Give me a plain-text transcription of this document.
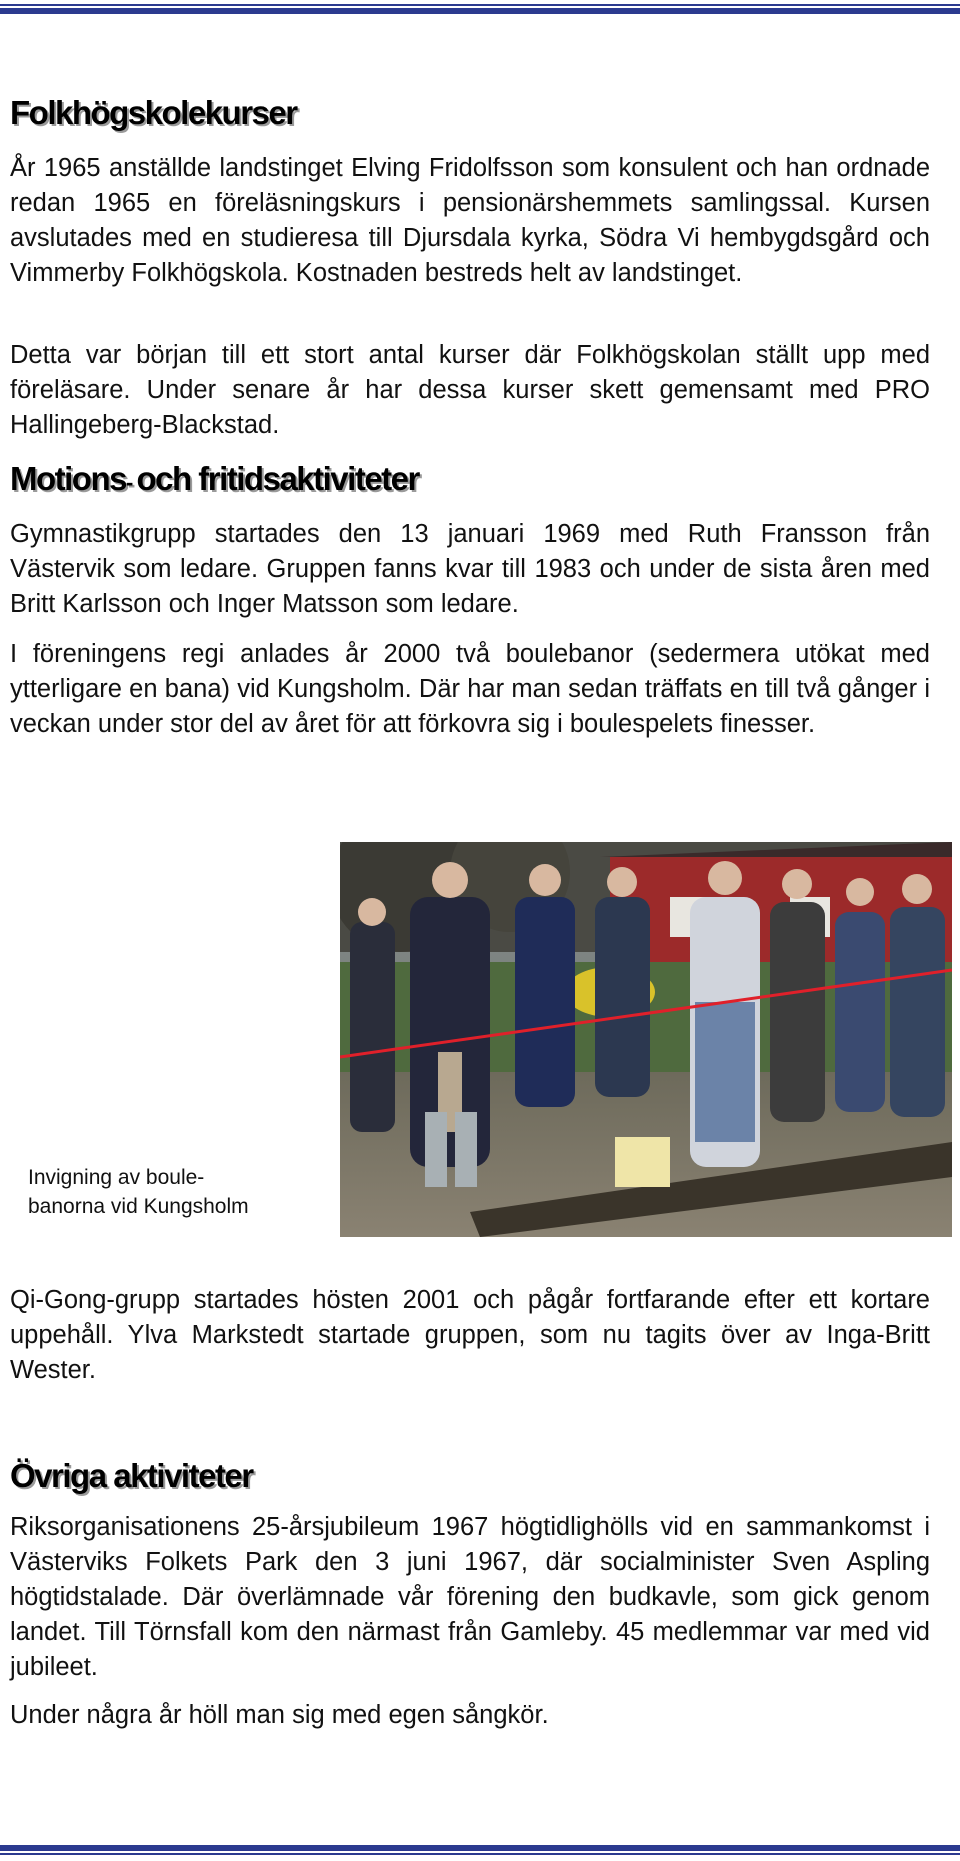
Folkhögskolekurser

År 1965 anställde landstinget Elving Fridolfsson som konsulent och han ordnade redan 1965 en föreläsningskurs i pensionärshemmets samlingssal. Kursen avslutades med en studieresa till Djursdala kyrka, Södra Vi hembygdsgård och Vimmerby Folkhögskola. Kostnaden bestreds helt av landstinget.

Detta var början till ett stort antal kurser där Folkhögskolan ställt upp med föreläsare. Under senare år har dessa kurser skett gemensamt med PRO Hallingeberg-Blackstad.

Motions- och fritidsaktiviteter

Gymnastikgrupp startades den 13 januari 1969 med Ruth Fransson från Västervik som ledare. Gruppen fanns kvar till 1983 och under de sista åren med Britt Karlsson och Inger Matsson som ledare.

I föreningens regi anlades år 2000 två boulebanor (sedermera utökat med ytterligare en bana) vid Kungsholm. Där har man sedan träffats en till två gånger i veckan under stor del av året för att förkovra sig i boulespelets finesser.

Invigning av boule-
banorna vid Kungsholm

Qi-Gong-grupp startades hösten 2001 och pågår fortfarande efter ett kortare uppehåll. Ylva Markstedt startade gruppen, som nu tagits över av Inga-Britt Wester.

Övriga aktiviteter

Riksorganisationens 25-årsjubileum 1967 högtidlighölls vid en sammankomst i Västerviks Folkets Park den 3 juni 1967, där socialminister Sven Aspling högtidstalade. Där överlämnade vår förening den budkavle, som gick genom landet. Till Törnsfall kom den närmast från Gamleby. 45 medlemmar var med vid jubileet.

Under några år höll man sig med egen sångkör.
